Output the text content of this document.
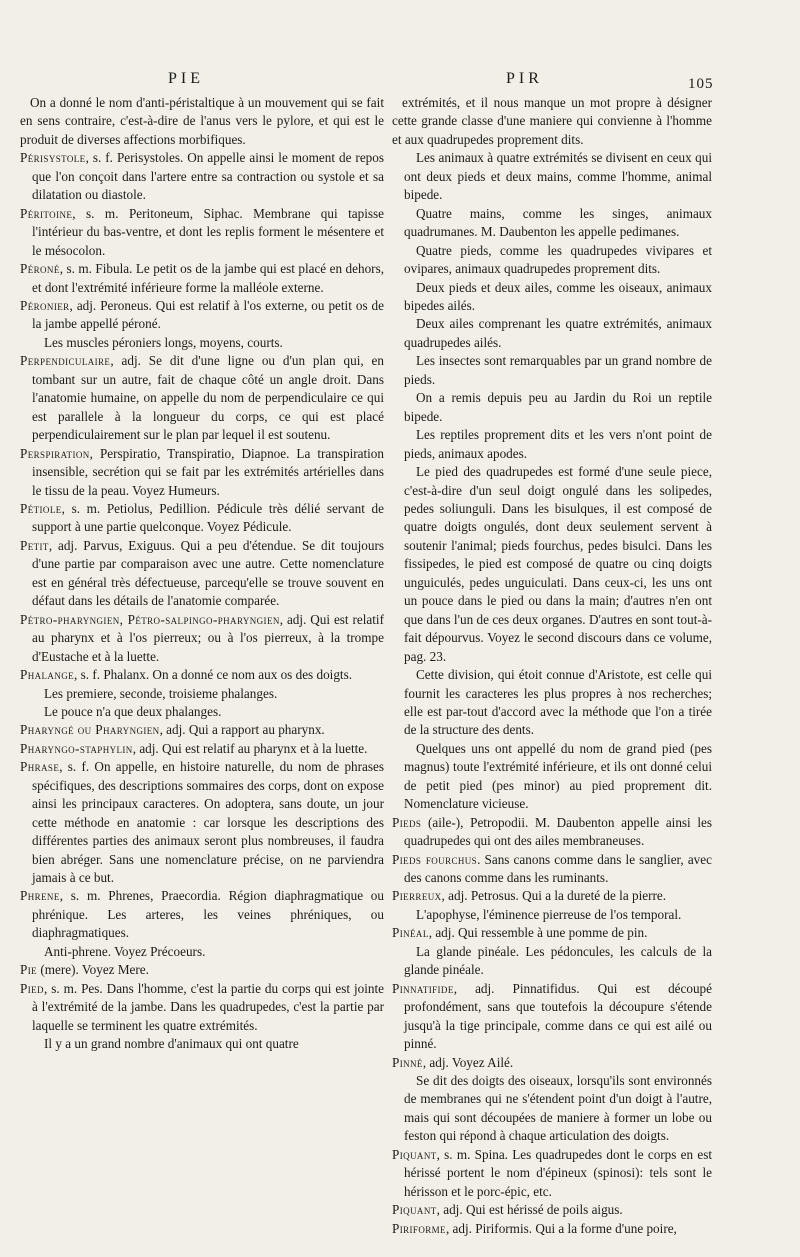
PIE	PIR	105

On a donné le nom d'anti-péristaltique à un mouvement qui se fait en sens contraire, c'est-à-dire de l'anus vers le pylore, et qui est le produit de diverses affections morbifiques.

Périsystole, s. f. Perisystoles. On appelle ainsi le moment de repos que l'on conçoit dans l'artere entre sa contraction ou systole et sa dilatation ou diastole.

Péritoine, s. m. Peritoneum, Siphac. Membrane qui tapisse l'intérieur du bas-ventre, et dont les replis forment le mésentere et le mésocolon.

Péroné, s. m. Fibula. Le petit os de la jambe qui est placé en dehors, et dont l'extrémité inférieure forme la malléole externe.

Péronier, adj. Peroneus. Qui est relatif à l'os externe, ou petit os de la jambe appellé péroné.

Les muscles péroniers longs, moyens, courts.

Perpendiculaire, adj. Se dit d'une ligne ou d'un plan qui, en tombant sur un autre, fait de chaque côté un angle droit. Dans l'anatomie humaine, on appelle du nom de perpendiculaire ce qui est parallele à la longueur du corps, ce qui est placé perpendiculairement sur le plan par lequel il est soutenu.

Perspiration, Perspiratio, Transpiratio, Diapnoe. La transpiration insensible, secrétion qui se fait par les extrémités artérielles dans le tissu de la peau. Voyez Humeurs.

Pétiole, s. m. Petiolus, Pedillion. Pédicule très délié servant de support à une partie quelconque. Voyez Pédicule.

Petit, adj. Parvus, Exiguus. Qui a peu d'étendue. Se dit toujours d'une partie par comparaison avec une autre. Cette nomenclature est en général très défectueuse, parcequ'elle se trouve souvent en défaut dans les détails de l'anatomie comparée.

Pétro-pharyngien, Pétro-salpingo-pharyngien, adj. Qui est relatif au pharynx et à l'os pierreux; ou à l'os pierreux, à la trompe d'Eustache et à la luette.

Phalange, s. f. Phalanx. On a donné ce nom aux os des doigts.

Les premiere, seconde, troisieme phalanges.

Le pouce n'a que deux phalanges.

Pharyngé ou Pharyngien, adj. Qui a rapport au pharynx.

Pharyngo-staphylin, adj. Qui est relatif au pharynx et à la luette.

Phrase, s. f. On appelle, en histoire naturelle, du nom de phrases spécifiques, des descriptions sommaires des corps, dont on expose ainsi les principaux caracteres. On adoptera, sans doute, un jour cette méthode en anatomie : car lorsque les descriptions des différentes parties des animaux seront plus nombreuses, il faudra bien abréger. Sans une nomenclature précise, on ne parviendra jamais à ce but.

Phrene, s. m. Phrenes, Praecordia. Région diaphragmatique ou phrénique. Les arteres, les veines phréniques, ou diaphragmatiques.

Anti-phrene. Voyez Précoeurs.

Pie (mere). Voyez Mere.

Pied, s. m. Pes. Dans l'homme, c'est la partie du corps qui est jointe à l'extrémité de la jambe. Dans les quadrupedes, c'est la partie par laquelle se terminent les quatre extrémités.

Il y a un grand nombre d'animaux qui ont quatre

extrémités, et il nous manque un mot propre à désigner cette grande classe d'une maniere qui convienne à l'homme et aux quadrupedes proprement dits.

Les animaux à quatre extrémités se divisent en ceux qui ont deux pieds et deux mains, comme l'homme, animal bipede.

Quatre mains, comme les singes, animaux quadrumanes. M. Daubenton les appelle pedimanes.

Quatre pieds, comme les quadrupedes vivipares et ovipares, animaux quadrupedes proprement dits.

Deux pieds et deux ailes, comme les oiseaux, animaux bipedes ailés.

Deux ailes comprenant les quatre extrémités, animaux quadrupedes ailés.

Les insectes sont remarquables par un grand nombre de pieds.

On a remis depuis peu au Jardin du Roi un reptile bipede.

Les reptiles proprement dits et les vers n'ont point de pieds, animaux apodes.

Le pied des quadrupedes est formé d'une seule piece, c'est-à-dire d'un seul doigt ongulé dans les solipedes, pedes soliunguli. Dans les bisulques, il est composé de quatre doigts ongulés, dont deux seulement servent à soutenir l'animal; pieds fourchus, pedes bisulci. Dans les fissipedes, le pied est composé de quatre ou cinq doigts unguiculés, pedes unguiculati. Dans ceux-ci, les uns ont un pouce dans le pied ou dans la main; d'autres n'en ont que dans l'un de ces deux organes. D'autres en sont tout-à-fait dépourvus. Voyez le second discours dans ce volume, pag. 23.

Cette division, qui étoit connue d'Aristote, est celle qui fournit les caracteres les plus propres à nos recherches; elle est par-tout d'accord avec la méthode que l'on a tirée de la structure des dents.

Quelques uns ont appellé du nom de grand pied (pes magnus) toute l'extrémité inférieure, et ils ont donné celui de petit pied (pes minor) au pied proprement dit. Nomenclature vicieuse.

Pieds (aile-), Petropodii. M. Daubenton appelle ainsi les quadrupedes qui ont des ailes membraneuses.

Pieds fourchus. Sans canons comme dans le sanglier, avec des canons comme dans les ruminants.

Pierreux, adj. Petrosus. Qui a la dureté de la pierre.

L'apophyse, l'éminence pierreuse de l'os temporal.

Pinéal, adj. Qui ressemble à une pomme de pin.

La glande pinéale. Les pédoncules, les calculs de la glande pinéale.

Pinnatifide, adj. Pinnatifidus. Qui est découpé profondément, sans que toutefois la découpure s'étende jusqu'à la tige principale, comme dans ce qui est ailé ou pinné.

Pinné, adj. Voyez Ailé.

Se dit des doigts des oiseaux, lorsqu'ils sont environnés de membranes qui ne s'étendent point d'un doigt à l'autre, mais qui sont découpées de maniere à former un lobe ou feston qui répond à chaque articulation des doigts.

Piquant, s. m. Spina. Les quadrupedes dont le corps en est hérissé portent le nom d'épineux (spinosi): tels sont le hérisson et le porc-épic, etc.

Piquant, adj. Qui est hérissé de poils aigus.

Piriforme, adj. Piriformis. Qui a la forme d'une poire,
